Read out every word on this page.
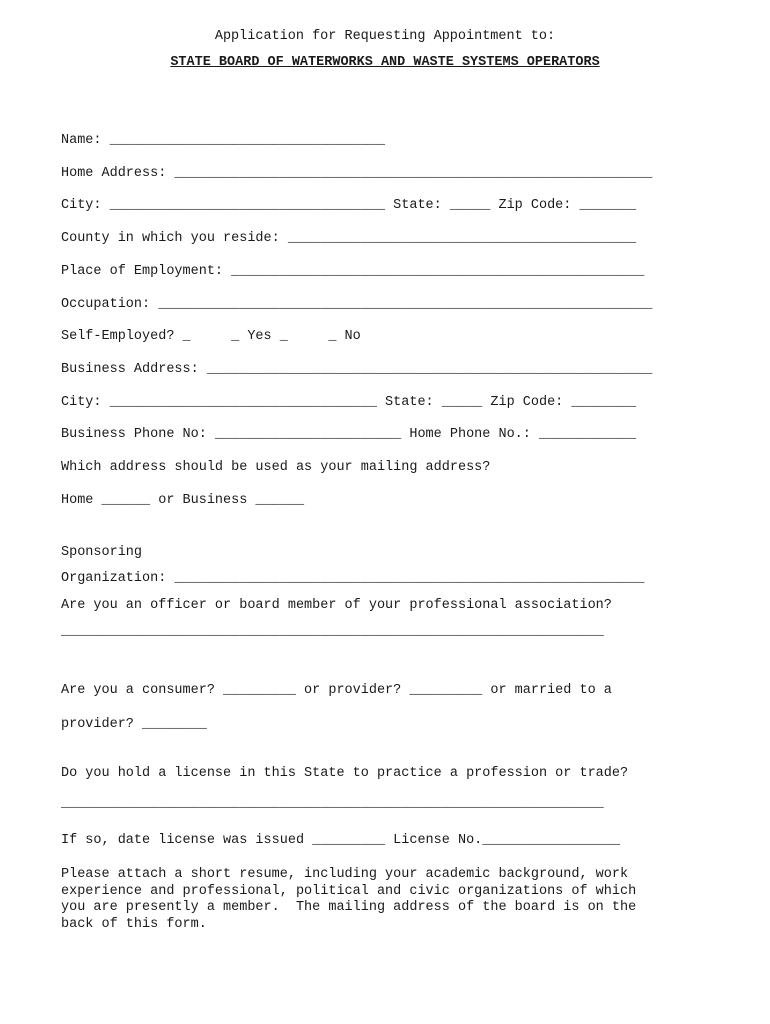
Application for Requesting Appointment to:
STATE BOARD OF WATERWORKS AND WASTE SYSTEMS OPERATORS
Name: __________________________________
Home Address: ___________________________________________________________
City: __________________________________ State: _____ Zip Code: _______
County in which you reside: ___________________________________________
Place of Employment: ___________________________________________________
Occupation: _____________________________________________________________
Self-Employed? _     _ Yes _     _ No
Business Address: _______________________________________________________
City: _________________________________ State: _____ Zip Code: ________
Business Phone No: _______________________ Home Phone No.: ____________
Which address should be used as your mailing address?
Home ______ or Business ______
Sponsoring
Organization: __________________________________________________________
Are you an officer or board member of your professional association?
___________________________________________________________________
Are you a consumer? _________ or provider? _________ or married to a
provider? ________
Do you hold a license in this State to practice a profession or trade?
___________________________________________________________________
If so, date license was issued _________ License No._________________
Please attach a short resume, including your academic background, work
experience and professional, political and civic organizations of which
you are presently a member.  The mailing address of the board is on the
back of this form.
